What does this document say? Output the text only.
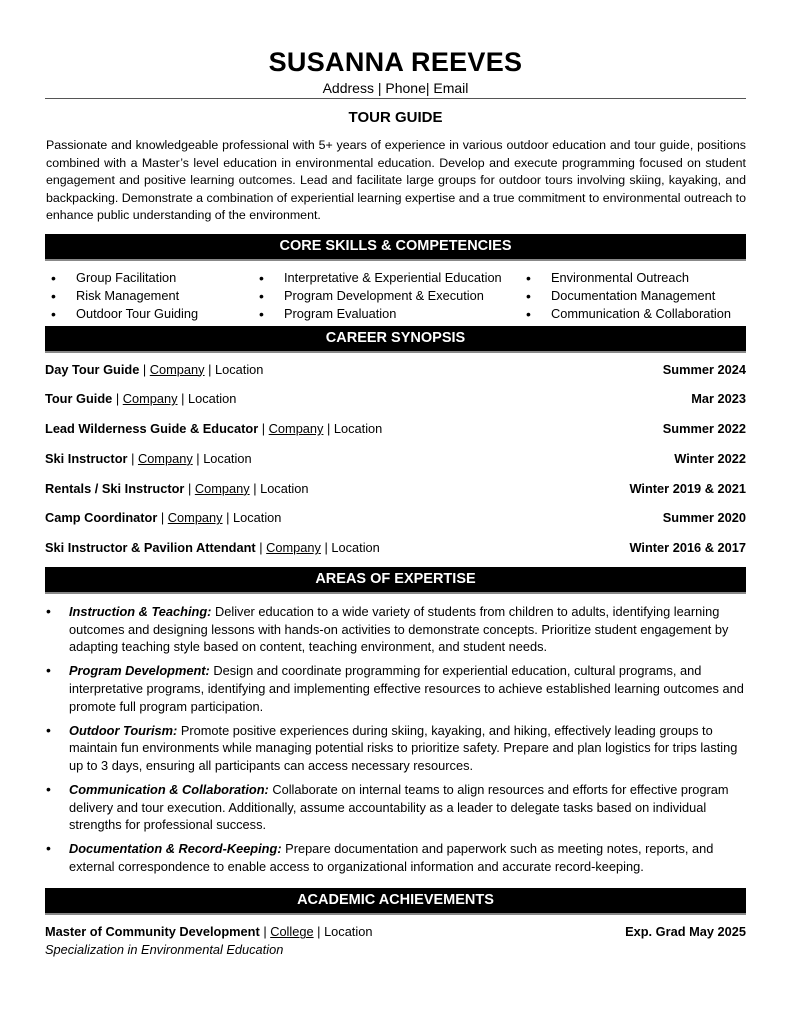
SUSANNA REEVES
Address | Phone| Email
TOUR GUIDE
Passionate and knowledgeable professional with 5+ years of experience in various outdoor education and tour guide, positions combined with a Master’s level education in environmental education. Develop and execute programming focused on student engagement and positive learning outcomes. Lead and facilitate large groups for outdoor tours involving skiing, kayaking, and backpacking. Demonstrate a combination of experiential learning expertise and a true commitment to environmental outreach to enhance public understanding of the environment.
CORE SKILLS & COMPETENCIES
• Group Facilitation
• Risk Management
• Outdoor Tour Guiding
• Interpretative & Experiential Education
• Program Development & Execution
• Program Evaluation
• Environmental Outreach
• Documentation Management
• Communication & Collaboration
CAREER SYNOPSIS
Day Tour Guide | Company | Location	Summer 2024
Tour Guide | Company | Location	Mar 2023
Lead Wilderness Guide & Educator | Company | Location	Summer 2022
Ski Instructor | Company | Location	Winter 2022
Rentals / Ski Instructor | Company | Location	Winter 2019 & 2021
Camp Coordinator | Company | Location	Summer 2020
Ski Instructor & Pavilion Attendant | Company | Location	Winter 2016 & 2017
AREAS OF EXPERTISE
• Instruction & Teaching: Deliver education to a wide variety of students from children to adults, identifying learning outcomes and designing lessons with hands-on activities to demonstrate concepts. Prioritize student engagement by adapting teaching style based on content, teaching environment, and student needs.
• Program Development: Design and coordinate programming for experiential education, cultural programs, and interpretative programs, identifying and implementing effective resources to achieve established learning outcomes and promote full program participation.
• Outdoor Tourism: Promote positive experiences during skiing, kayaking, and hiking, effectively leading groups to maintain fun environments while managing potential risks to prioritize safety. Prepare and plan logistics for trips lasting up to 3 days, ensuring all participants can access necessary resources.
• Communication & Collaboration: Collaborate on internal teams to align resources and efforts for effective program delivery and tour execution. Additionally, assume accountability as a leader to delegate tasks based on individual strengths for professional success.
• Documentation & Record-Keeping: Prepare documentation and paperwork such as meeting notes, reports, and external correspondence to enable access to organizational information and accurate record-keeping.
ACADEMIC ACHIEVEMENTS
Master of Community Development | College | Location	Exp. Grad May 2025
Specialization in Environmental Education
